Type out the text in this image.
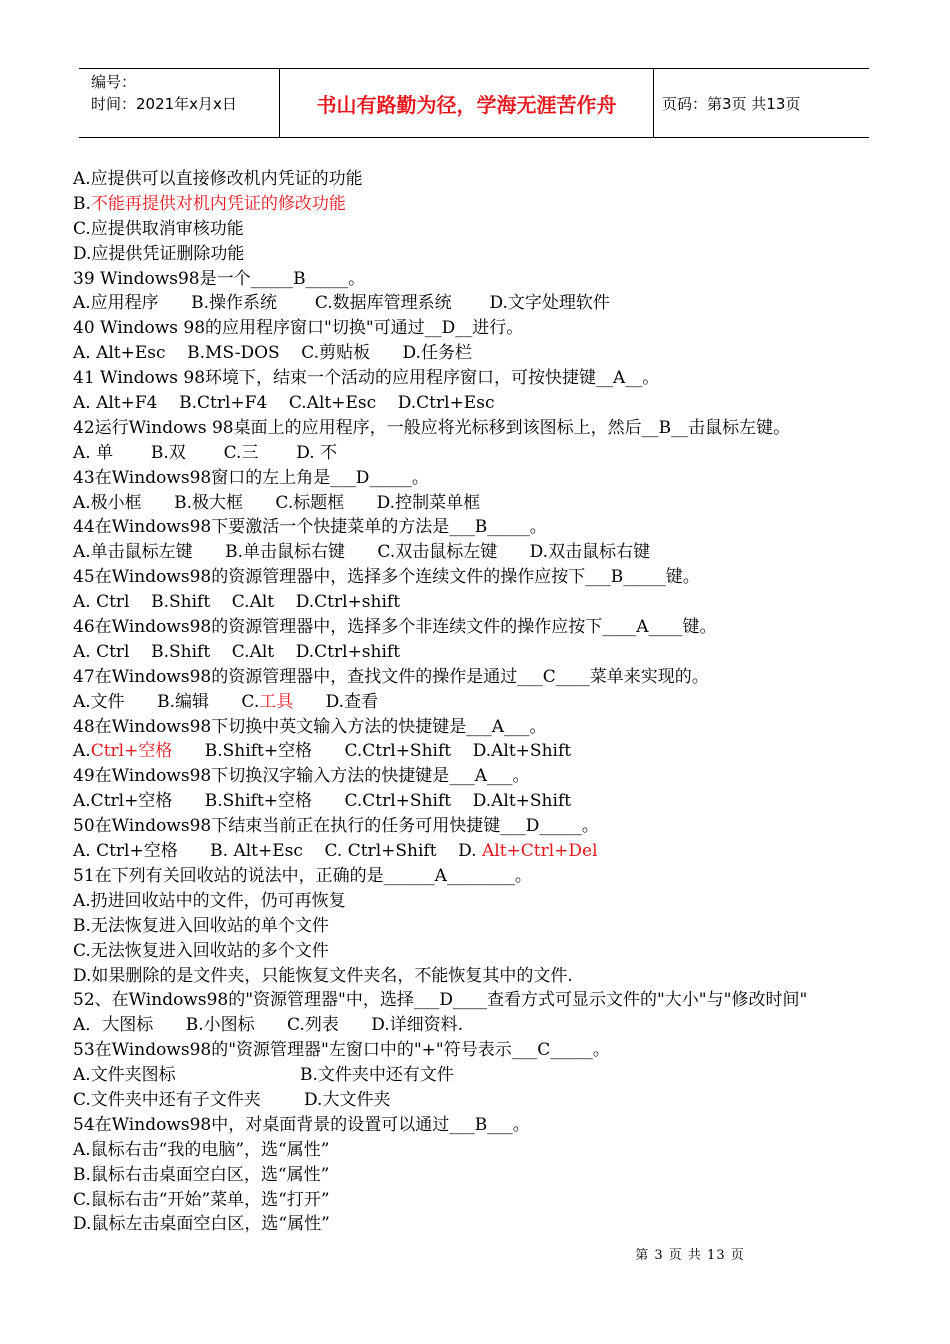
编号：
时间：2021年x月x日	书山有路勤为径，学海无涯苦作舟	页码：第3页 共13页
A.应提供可以直接修改机内凭证的功能
B.不能再提供对机内凭证的修改功能
C.应提供取消审核功能
D.应提供凭证删除功能
39 Windows98是一个_____B_____。
A.应用程序      B.操作系统       C.数据库管理系统       D.文字处理软件
40 Windows 98的应用程序窗口"切换"可通过__D__进行。
A. Alt+Esc    B.MS-DOS    C.剪贴板      D.任务栏
41 Windows 98环境下，结束一个活动的应用程序窗口，可按快捷键__A__。
A. Alt+F4    B.Ctrl+F4    C.Alt+Esc    D.Ctrl+Esc
42运行Windows 98桌面上的应用程序，一般应将光标移到该图标上，然后__B__击鼠标左键。
A. 单       B.双       C.三       D. 不
43在Windows98窗口的左上角是___D_____。
A.极小框      B.极大框      C.标题框      D.控制菜单框
44在Windows98下要激活一个快捷菜单的方法是___B_____。
A.单击鼠标左键      B.单击鼠标右键      C.双击鼠标左键      D.双击鼠标右键
45在Windows98的资源管理器中，选择多个连续文件的操作应按下___B_____键。
A. Ctrl    B.Shift    C.Alt    D.Ctrl+shift
46在Windows98的资源管理器中，选择多个非连续文件的操作应按下____A____键。
A. Ctrl    B.Shift    C.Alt    D.Ctrl+shift
47在Windows98的资源管理器中，查找文件的操作是通过___C____菜单来实现的。
A.文件      B.编辑      C.工具      D.查看
48在Windows98下切换中英文输入方法的快捷键是___A___。
A.Ctrl+空格      B.Shift+空格      C.Ctrl+Shift    D.Alt+Shift
49在Windows98下切换汉字输入方法的快捷键是___A___。
A.Ctrl+空格      B.Shift+空格      C.Ctrl+Shift    D.Alt+Shift
50在Windows98下结束当前正在执行的任务可用快捷键___D_____。
A. Ctrl+空格      B. Alt+Esc    C. Ctrl+Shift    D. Alt+Ctrl+Del
51在下列有关回收站的说法中，正确的是______A________。
A.扔进回收站中的文件，仍可再恢复
B.无法恢复进入回收站的单个文件
C.无法恢复进入回收站的多个文件
D.如果删除的是文件夹，只能恢复文件夹名，不能恢复其中的文件.
52、在Windows98的"资源管理器"中，选择___D____查看方式可显示文件的"大小"与"修改时间"
A．大图标      B.小图标      C.列表      D.详细资料.
53在Windows98的"资源管理器"左窗口中的"+"符号表示___C_____。
A.文件夹图标                       B.文件夹中还有文件
C.文件夹中还有子文件夹        D.大文件夹
54在Windows98中，对桌面背景的设置可以通过___B___。
A.鼠标右击“我的电脑”，选“属性”
B.鼠标右击桌面空白区，选“属性”
C.鼠标右击“开始”菜单，选“打开”
D.鼠标左击桌面空白区，选“属性”
第 3 页 共 13 页
